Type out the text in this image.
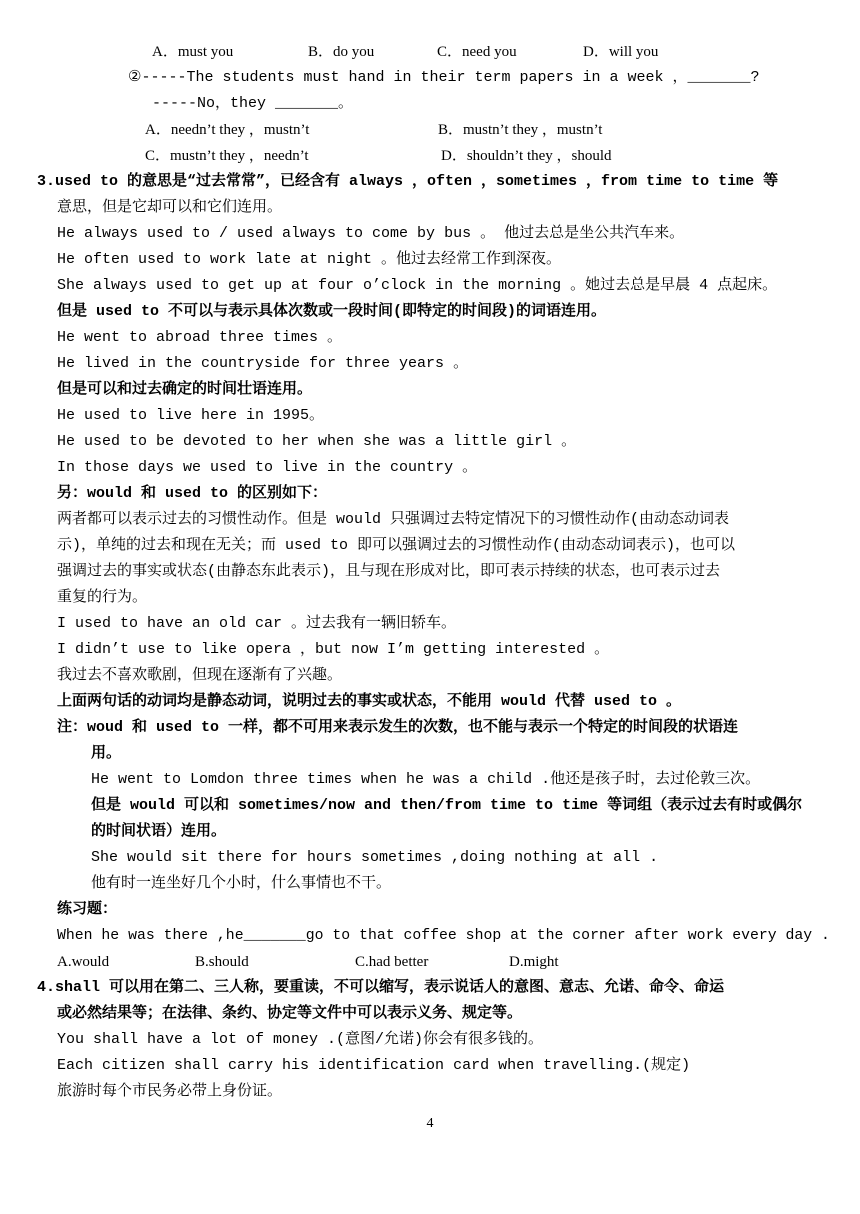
A．must you	B．do you	C．need you	D．will you
②-----The students must hand in their term papers in a week ，_______?
-----No，they _______。
A．needn’t they ，mustn’t	B．mustn’t they ，mustn’t
C．mustn’t they ，needn’t	D．shouldn’t they ，should
3.used to 的意思是“过去常常”，已经含有 always ，often ，sometimes ，from time to time 等
意思，但是它却可以和它们连用。
He always used to / used always to come by bus 。 他过去总是坐公共汽车来。
He often used to work late at night 。他过去经常工作到深夜。
She always used to get up at four o’clock in the morning 。她过去总是早晨 4 点起床。
但是 used to 不可以与表示具体次数或一段时间(即特定的时间段)的词语连用。
He went to abroad three times 。
He lived in the countryside for three years 。
但是可以和过去确定的时间壮语连用。
He used to live here in 1995。
He used to be devoted to her when she was a little girl 。
In those days we used to live in the country 。
另：would 和 used to 的区别如下：
两者都可以表示过去的习惯性动作。但是 would 只强调过去特定情况下的习惯性动作(由动态动词表
示)，单纯的过去和现在无关；而 used to 即可以强调过去的习惯性动作(由动态动词表示)，也可以
强调过去的事实或状态(由静态东此表示)，且与现在形成对比，即可表示持续的状态，也可表示过去
重复的行为。
I used to have an old car 。过去我有一辆旧轿车。
I didn’t use to like opera ，but now I’m getting interested 。
我过去不喜欢歌剧，但现在逐渐有了兴趣。
上面两句话的动词均是静态动词，说明过去的事实或状态，不能用 would 代替 used to 。
注：woud 和 used to 一样，都不可用来表示发生的次数，也不能与表示一个特定的时间段的状语连
用。
He went to Lomdon three times when he was a child .他还是孩子时，去过伦敦三次。
但是 would 可以和 sometimes/now and then/from time to time 等词组（表示过去有时或偶尔
的时间状语）连用。
She would sit there for hours sometimes ,doing nothing at all .
他有时一连坐好几个小时，什么事情也不干。
练习题：
When he was there ,he_______go to that coffee shop at the corner after work every day .
A.would	B.should	C.had better	D.might
4.shall 可以用在第二、三人称，要重读，不可以缩写，表示说话人的意图、意志、允诺、命令、命运
或必然结果等；在法律、条约、协定等文件中可以表示义务、规定等。
You shall have a lot of money .(意图/允诺)你会有很多钱的。
Each citizen shall carry his identification card when travelling.(规定)
旅游时每个市民务必带上身份证。
4
